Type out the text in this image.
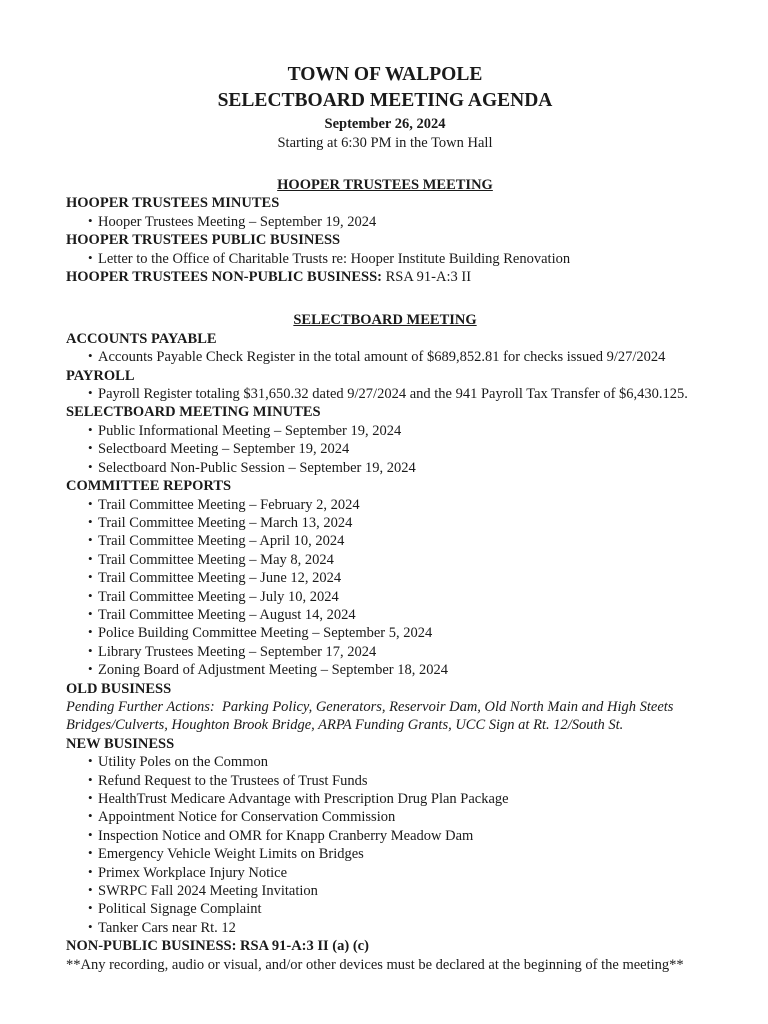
TOWN OF WALPOLE
SELECTBOARD MEETING AGENDA
September 26, 2024
Starting at 6:30 PM in the Town Hall
HOOPER TRUSTEES MEETING
HOOPER TRUSTEES MINUTES
• Hooper Trustees Meeting – September 19, 2024
HOOPER TRUSTEES PUBLIC BUSINESS
• Letter to the Office of Charitable Trusts re: Hooper Institute Building Renovation
HOOPER TRUSTEES NON-PUBLIC BUSINESS: RSA 91-A:3 II
SELECTBOARD MEETING
ACCOUNTS PAYABLE
• Accounts Payable Check Register in the total amount of $689,852.81 for checks issued 9/27/2024
PAYROLL
• Payroll Register totaling $31,650.32 dated 9/27/2024 and the 941 Payroll Tax Transfer of $6,430.125.
SELECTBOARD MEETING MINUTES
• Public Informational Meeting – September 19, 2024
• Selectboard Meeting – September 19, 2024
• Selectboard Non-Public Session – September 19, 2024
COMMITTEE REPORTS
• Trail Committee Meeting – February 2, 2024
• Trail Committee Meeting – March 13, 2024
• Trail Committee Meeting – April 10, 2024
• Trail Committee Meeting – May 8, 2024
• Trail Committee Meeting – June 12, 2024
• Trail Committee Meeting – July 10, 2024
• Trail Committee Meeting – August 14, 2024
• Police Building Committee Meeting – September 5, 2024
• Library Trustees Meeting – September 17, 2024
• Zoning Board of Adjustment Meeting – September 18, 2024
OLD BUSINESS
Pending Further Actions:  Parking Policy, Generators, Reservoir Dam, Old North Main and High Steets Bridges/Culverts, Houghton Brook Bridge, ARPA Funding Grants, UCC Sign at Rt. 12/South St.
NEW BUSINESS
• Utility Poles on the Common
• Refund Request to the Trustees of Trust Funds
• HealthTrust Medicare Advantage with Prescription Drug Plan Package
• Appointment Notice for Conservation Commission
• Inspection Notice and OMR for Knapp Cranberry Meadow Dam
• Emergency Vehicle Weight Limits on Bridges
• Primex Workplace Injury Notice
• SWRPC Fall 2024 Meeting Invitation
• Political Signage Complaint
• Tanker Cars near Rt. 12
NON-PUBLIC BUSINESS: RSA 91-A:3 II (a) (c)
**Any recording, audio or visual, and/or other devices must be declared at the beginning of the meeting**
